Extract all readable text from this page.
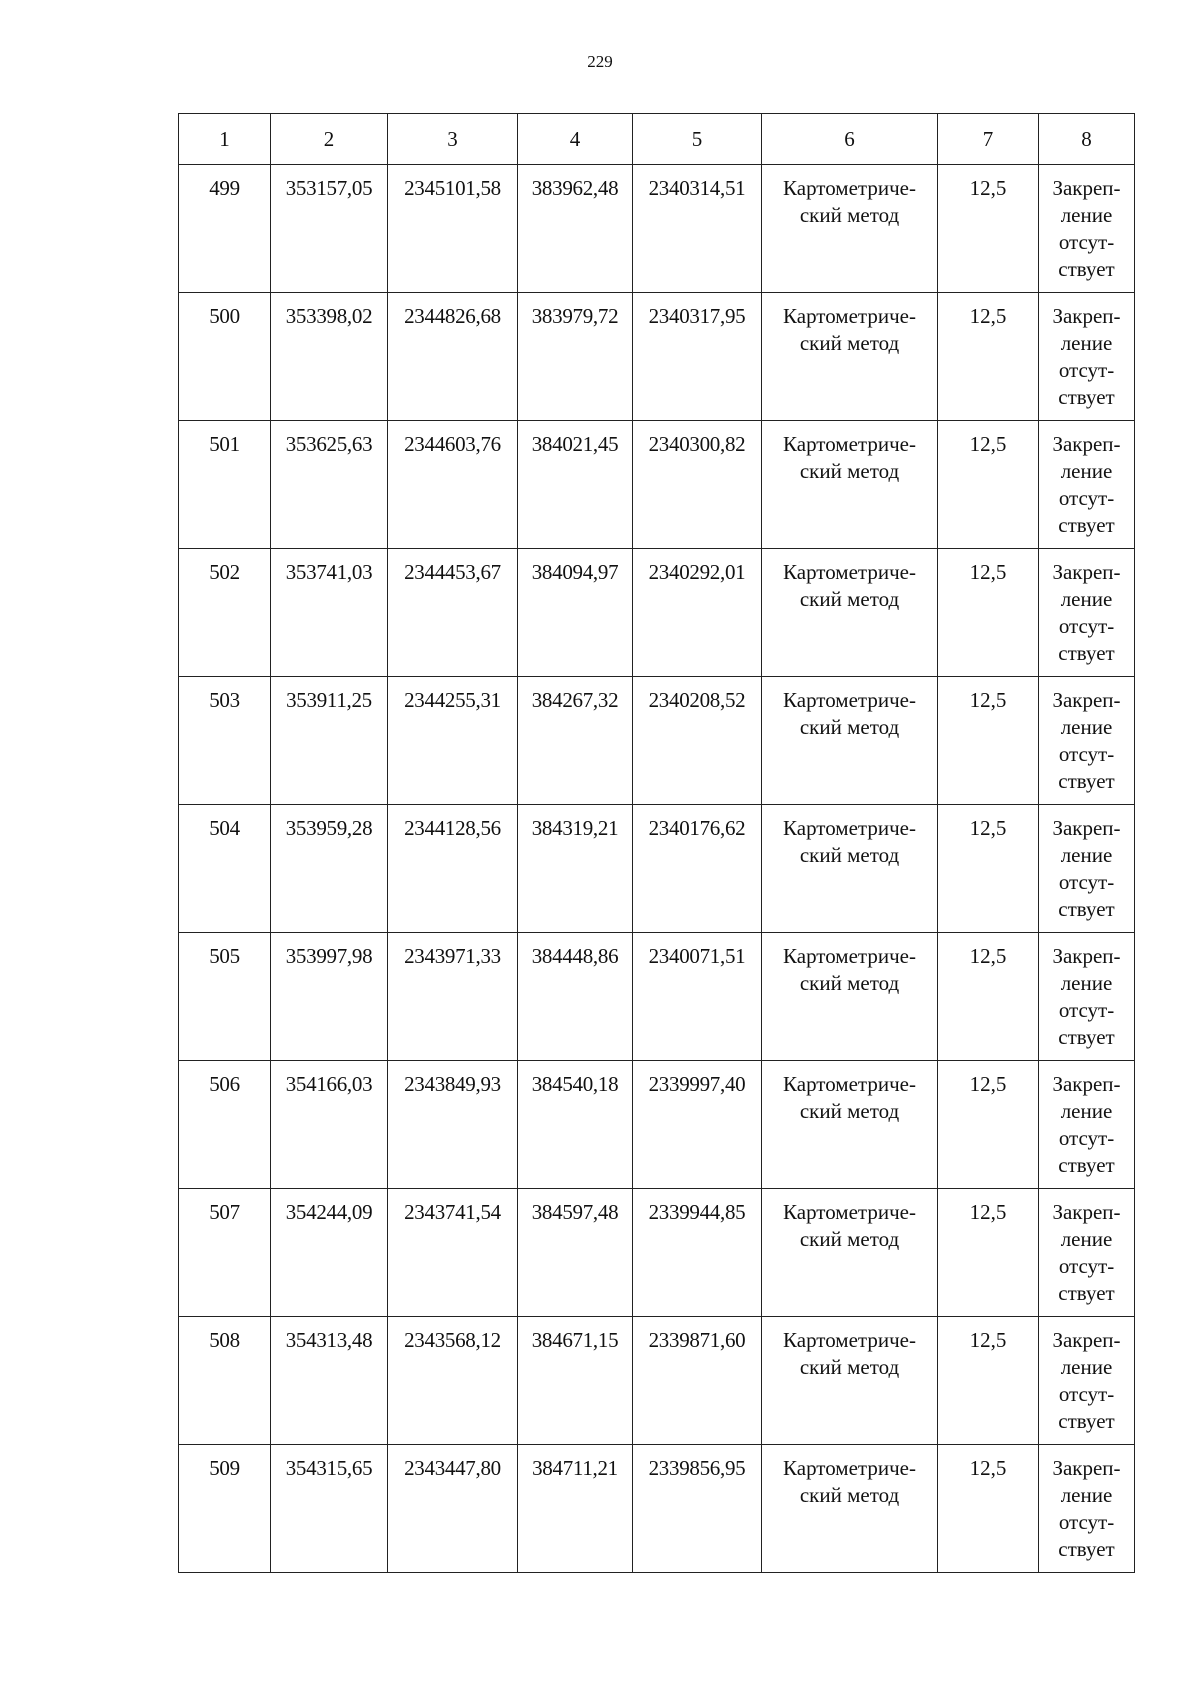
229
1	2	3	4	5	6	7	8
499	353157,05	2345101,58	383962,48	2340314,51	Картометриче-ский метод	12,5	Закреп-ление отсут-ствует
500	353398,02	2344826,68	383979,72	2340317,95	Картометриче-ский метод	12,5	Закреп-ление отсут-ствует
501	353625,63	2344603,76	384021,45	2340300,82	Картометриче-ский метод	12,5	Закреп-ление отсут-ствует
502	353741,03	2344453,67	384094,97	2340292,01	Картометриче-ский метод	12,5	Закреп-ление отсут-ствует
503	353911,25	2344255,31	384267,32	2340208,52	Картометриче-ский метод	12,5	Закреп-ление отсут-ствует
504	353959,28	2344128,56	384319,21	2340176,62	Картометриче-ский метод	12,5	Закреп-ление отсут-ствует
505	353997,98	2343971,33	384448,86	2340071,51	Картометриче-ский метод	12,5	Закреп-ление отсут-ствует
506	354166,03	2343849,93	384540,18	2339997,40	Картометриче-ский метод	12,5	Закреп-ление отсут-ствует
507	354244,09	2343741,54	384597,48	2339944,85	Картометриче-ский метод	12,5	Закреп-ление отсут-ствует
508	354313,48	2343568,12	384671,15	2339871,60	Картометриче-ский метод	12,5	Закреп-ление отсут-ствует
509	354315,65	2343447,80	384711,21	2339856,95	Картометриче-ский метод	12,5	Закреп-ление отсут-ствует
